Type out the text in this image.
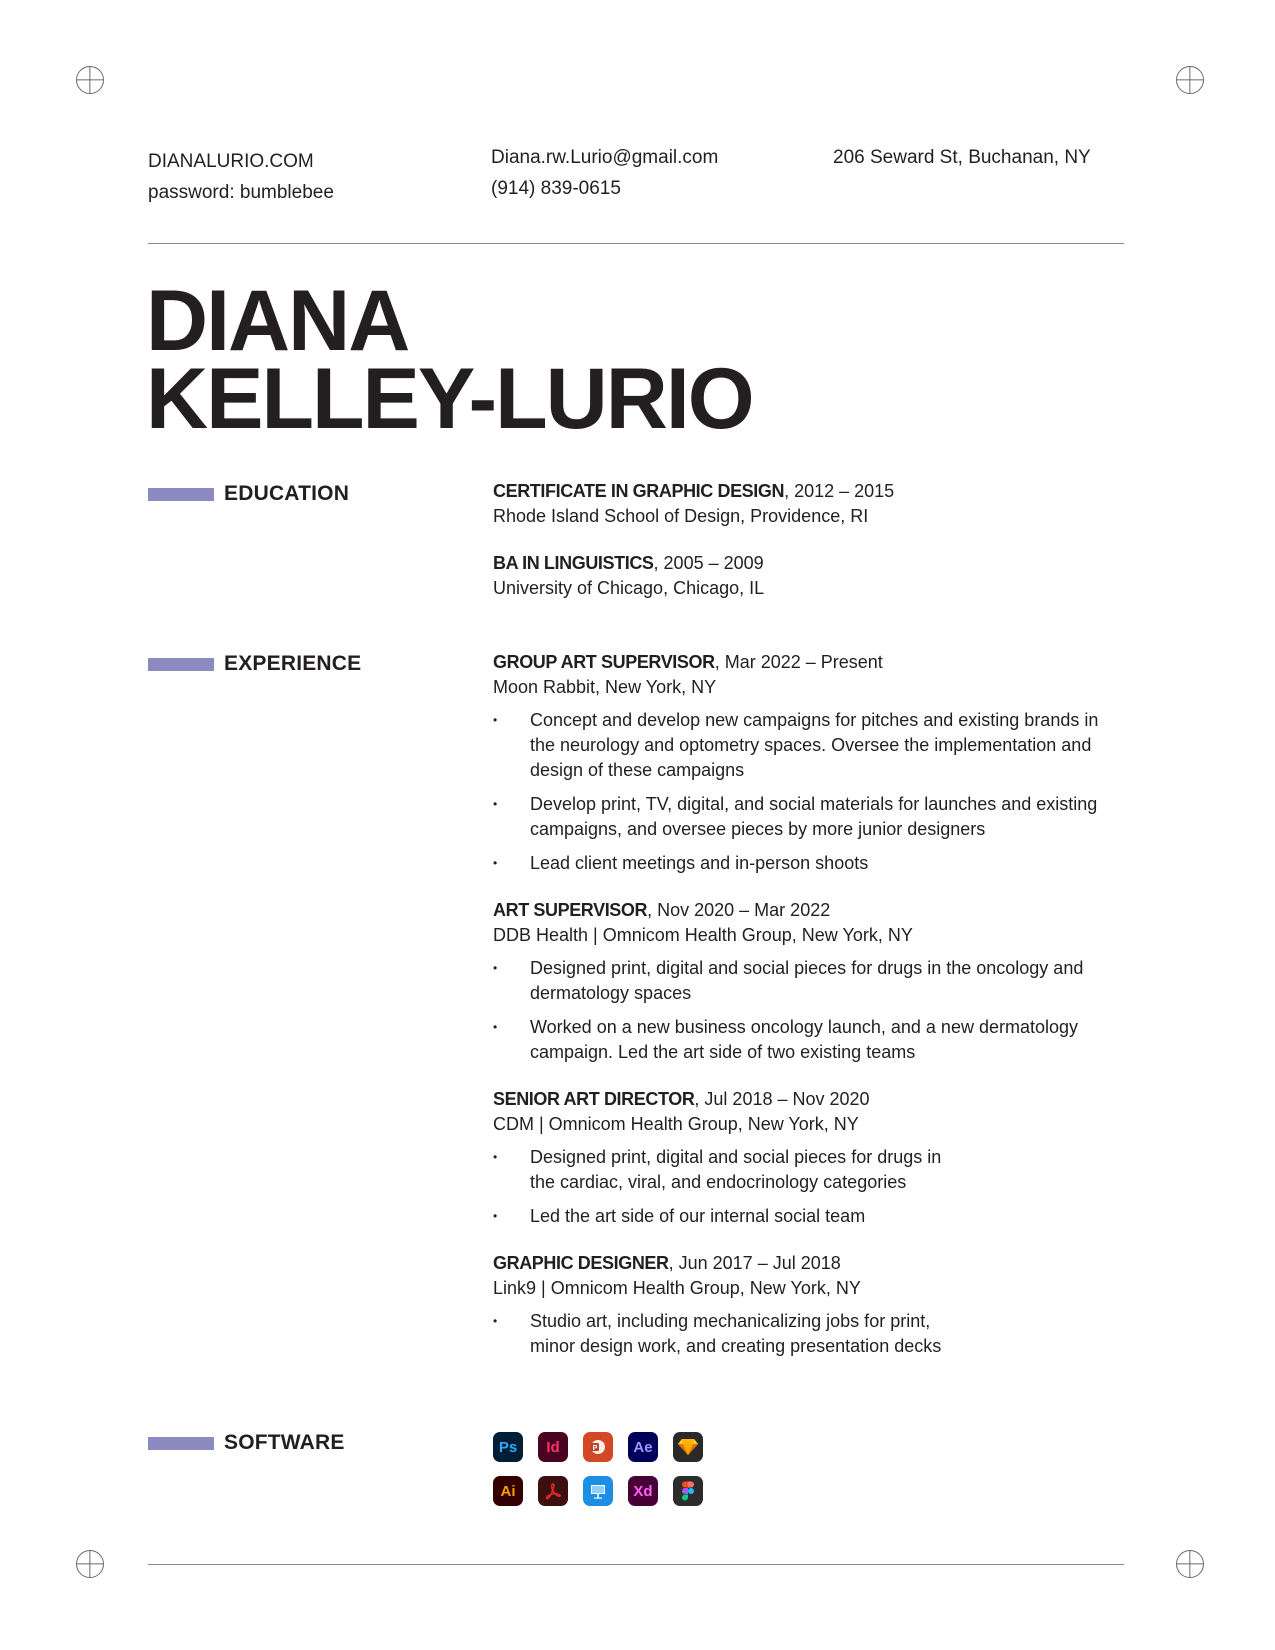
DIANALURIO.COM
password: bumblebee
Diana.rw.Lurio@gmail.com
(914) 839-0615
206 Seward St, Buchanan, NY
DIANA
KELLEY-LURIO
EDUCATION	CERTIFICATE IN GRAPHIC DESIGN, 2012 – 2015
Rhode Island School of Design, Providence, RI
BA IN LINGUISTICS, 2005 – 2009
University of Chicago, Chicago, IL
EXPERIENCE	GROUP ART SUPERVISOR, Mar 2022 – Present
Moon Rabbit, New York, NY
• Concept and develop new campaigns for pitches and existing brands in the neurology and optometry spaces. Oversee the implementation and design of these campaigns
• Develop print, TV, digital, and social materials for launches and existing campaigns, and oversee pieces by more junior designers
• Lead client meetings and in-person shoots
ART SUPERVISOR, Nov 2020 – Mar 2022
DDB Health | Omnicom Health Group, New York, NY
• Designed print, digital and social pieces for drugs in the oncology and dermatology spaces
• Worked on a new business oncology launch, and a new dermatology campaign. Led the art side of two existing teams
SENIOR ART DIRECTOR, Jul 2018 – Nov 2020
CDM | Omnicom Health Group, New York, NY
• Designed print, digital and social pieces for drugs in the cardiac, viral, and endocrinology categories
• Led the art side of our internal social team
GRAPHIC DESIGNER, Jun 2017 – Jul 2018
Link9 | Omnicom Health Group, New York, NY
• Studio art, including mechanicalizing jobs for print, minor design work, and creating presentation decks
SOFTWARE	Ps Id	P Ae
Ai	Xd
